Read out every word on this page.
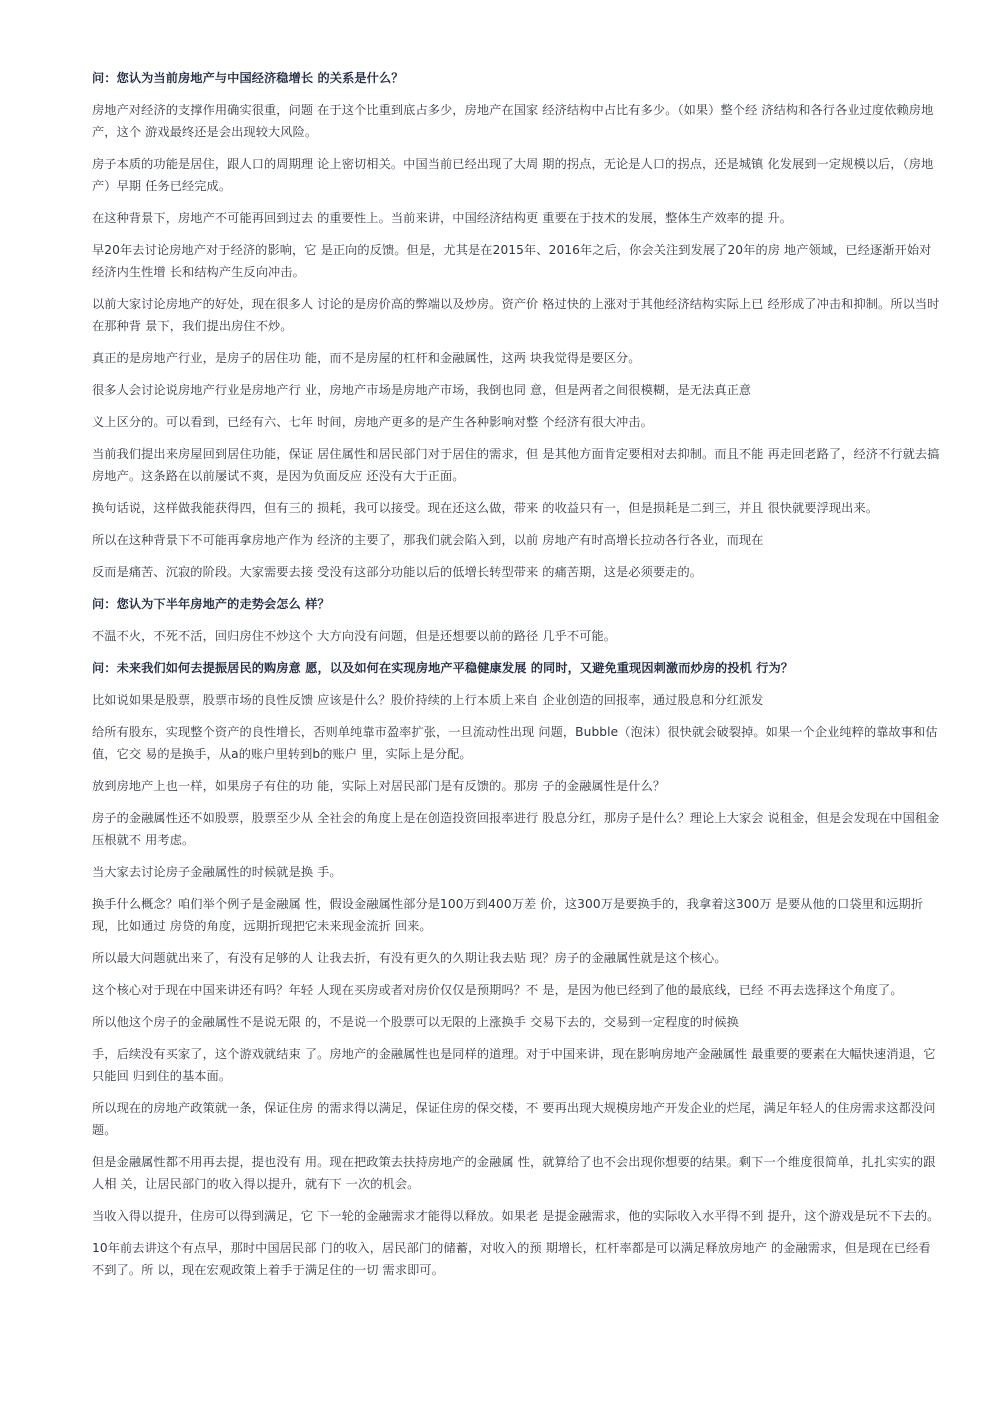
问：您认为当前房地产与中国经济稳增长 的关系是什么？

房地产对经济的支撑作用确实很重，问题 在于这个比重到底占多少，房地产在国家 经济结构中占比有多少。（如果）整个经 济结构和各行各业过度依赖房地产，这个 游戏最终还是会出现较大风险。

房子本质的功能是居住，跟人口的周期理 论上密切相关。中国当前已经出现了大周 期的拐点，无论是人口的拐点，还是城镇 化发展到一定规模以后，（房地产）早期 任务已经完成。

在这种背景下，房地产不可能再回到过去 的重要性上。当前来讲，中国经济结构更 重要在于技术的发展，整体生产效率的提 升。

早20年去讨论房地产对于经济的影响，它 是正向的反馈。但是，尤其是在2015年、2016年之后，你会关注到发展了20年的房 地产领域，已经逐渐开始对经济内生性增 长和结构产生反向冲击。

以前大家讨论房地产的好处，现在很多人 讨论的是房价高的弊端以及炒房。资产价 格过快的上涨对于其他经济结构实际上已 经形成了冲击和抑制。所以当时在那种背 景下，我们提出房住不炒。

真正的是房地产行业，是房子的居住功 能，而不是房屋的杠杆和金融属性，这两 块我觉得是要区分。

很多人会讨论说房地产行业是房地产行 业，房地产市场是房地产市场，我倒也同 意，但是两者之间很模糊，是无法真正意

义上区分的。可以看到，已经有六、七年 时间，房地产更多的是产生各种影响对整 个经济有很大冲击。

当前我们提出来房屋回到居住功能，保证 居住属性和居民部门对于居住的需求，但 是其他方面肯定要相对去抑制。而且不能 再走回老路了，经济不行就去搞房地产。这条路在以前屡试不爽，是因为负面反应 还没有大于正面。

换句话说，这样做我能获得四，但有三的 损耗，我可以接受。现在还这么做，带来 的收益只有一，但是损耗是二到三，并且 很快就要浮现出来。

所以在这种背景下不可能再拿房地产作为 经济的主要了，那我们就会陷入到，以前 房地产有时高增长拉动各行各业，而现在

反而是痛苦、沉寂的阶段。大家需要去接 受没有这部分功能以后的低增长转型带来 的痛苦期，这是必须要走的。

问：您认为下半年房地产的走势会怎么 样？

不温不火，不死不活，回归房住不炒这个 大方向没有问题，但是还想要以前的路径 几乎不可能。

问：未来我们如何去提振居民的购房意 愿，以及如何在实现房地产平稳健康发展 的同时，又避免重现因刺激而炒房的投机 行为？

比如说如果是股票，股票市场的良性反馈 应该是什么？股价持续的上行本质上来自 企业创造的回报率，通过股息和分红派发

给所有股东，实现整个资产的良性增长，否则单纯靠市盈率扩张，一旦流动性出现 问题，Bubble（泡沫）很快就会破裂掉。如果一个企业纯粹的靠故事和估值，它交 易的是换手，从a的账户里转到b的账户 里，实际上是分配。

放到房地产上也一样，如果房子有住的功 能，实际上对居民部门是有反馈的。那房 子的金融属性是什么？

房子的金融属性还不如股票，股票至少从 全社会的角度上是在创造投资回报率进行 股息分红，那房子是什么？理论上大家会 说租金，但是会发现在中国租金压根就不 用考虑。

当大家去讨论房子金融属性的时候就是换 手。

换手什么概念？咱们举个例子是金融属 性，假设金融属性部分是100万到400万差 价，这300万是要换手的，我拿着这300万 是要从他的口袋里和远期折现，比如通过 房贷的角度，远期折现把它未来现金流折 回来。

所以最大问题就出来了，有没有足够的人 让我去折，有没有更久的久期让我去贴 现？房子的金融属性就是这个核心。

这个核心对于现在中国来讲还有吗？年轻 人现在买房或者对房价仅仅是预期吗？不 是，是因为他已经到了他的最底线，已经 不再去选择这个角度了。

所以他这个房子的金融属性不是说无限 的，不是说一个股票可以无限的上涨换手 交易下去的，交易到一定程度的时候换

手，后续没有买家了，这个游戏就结束 了。房地产的金融属性也是同样的道理。对于中国来讲，现在影响房地产金融属性 最重要的要素在大幅快速消退，它只能回 归到住的基本面。

所以现在的房地产政策就一条，保证住房 的需求得以满足，保证住房的保交楼，不 要再出现大规模房地产开发企业的烂尾，满足年轻人的住房需求这都没问题。

但是金融属性都不用再去提，提也没有 用。现在把政策去扶持房地产的金融属 性，就算给了也不会出现你想要的结果。剩下一个维度很简单，扎扎实实的跟人相 关，让居民部门的收入得以提升，就有下 一次的机会。

当收入得以提升，住房可以得到满足，它 下一轮的金融需求才能得以释放。如果老 是提金融需求，他的实际收入水平得不到 提升，这个游戏是玩不下去的。

10年前去讲这个有点早，那时中国居民部 门的收入，居民部门的储蓄，对收入的预 期增长，杠杆率都是可以满足释放房地产 的金融需求，但是现在已经看不到了。所 以，现在宏观政策上着手于满足住的一切 需求即可。
